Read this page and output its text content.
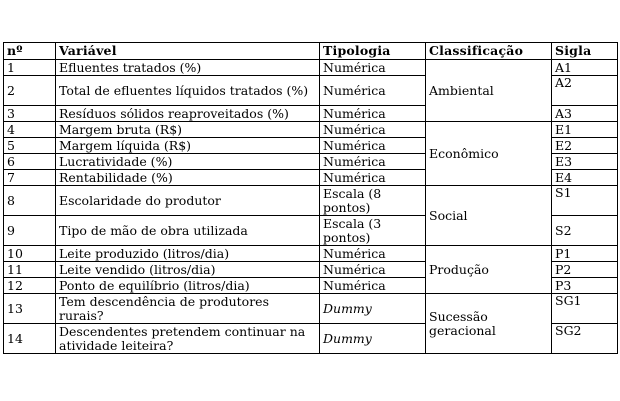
nº	Variável	Tipologia	Classificação	Sigla
1	Efluentes tratados (%)	Numérica	Ambiental	A1
2	Total de efluentes líquidos tratados (%)	Numérica		A2
3	Resíduos sólidos reaproveitados (%)	Numérica		A3
4	Margem bruta (R$)	Numérica	Econômico	E1
5	Margem líquida (R$)	Numérica		E2
6	Lucratividade (%)	Numérica		E3
7	Rentabilidade (%)	Numérica		E4
8	Escolaridade do produtor	Escala (8 pontos)	Social	S1
9	Tipo de mão de obra utilizada	Escala (3 pontos)		S2
10	Leite produzido (litros/dia)	Numérica	Produção	P1
11	Leite vendido (litros/dia)	Numérica		P2
12	Ponto de equilíbrio (litros/dia)	Numérica		P3
13	Tem descendência de produtores rurais?	Dummy	Sucessão geracional	SG1
14	Descendentes pretendem continuar na atividade leiteira?	Dummy		SG2
